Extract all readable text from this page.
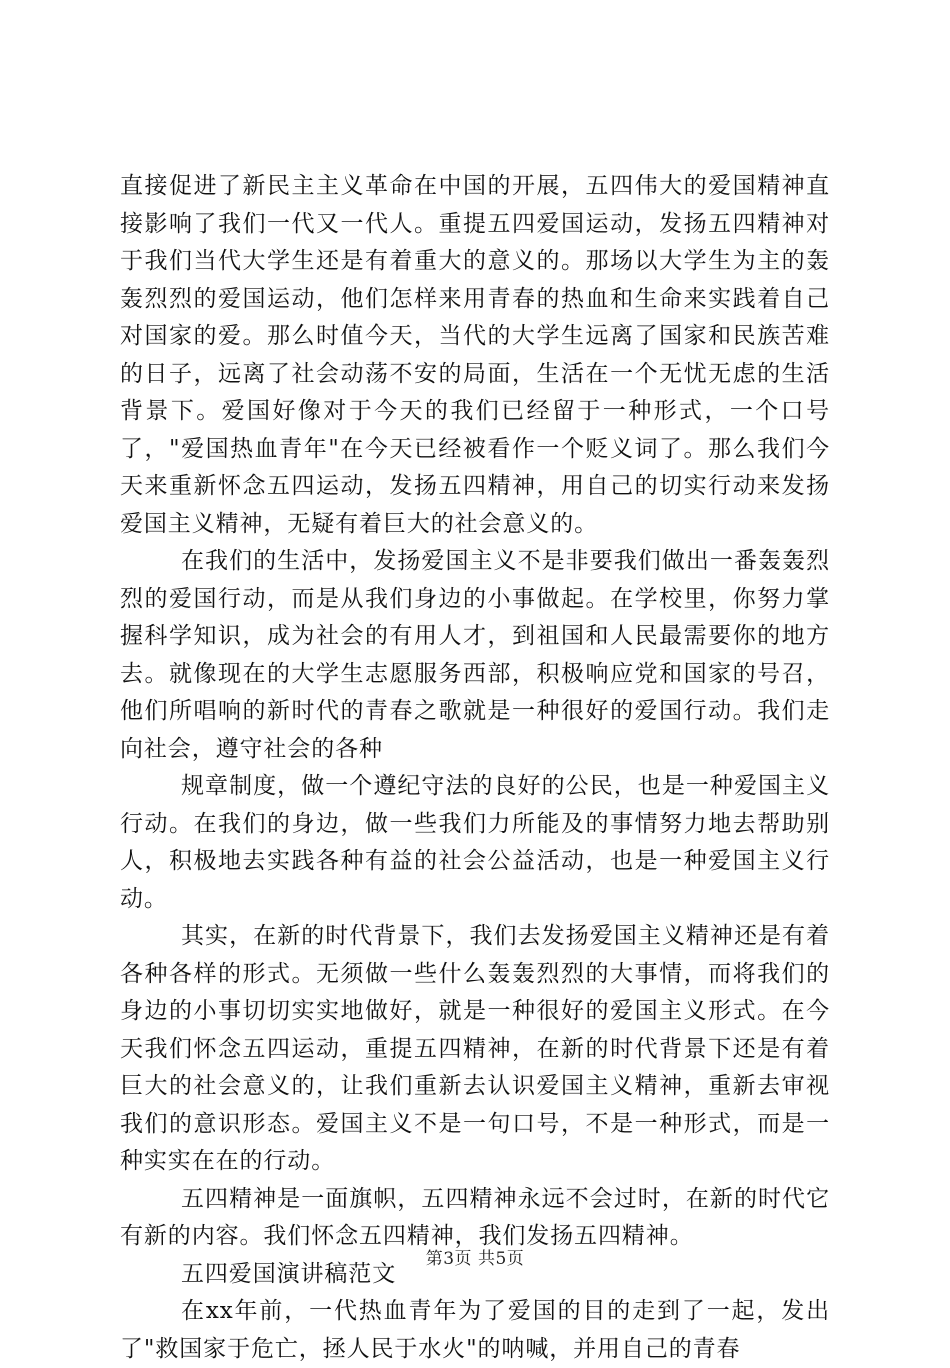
直接促进了新民主主义革命在中国的开展，五四伟大的爱国精神直接影响了我们一代又一代人。重提五四爱国运动，发扬五四精神对于我们当代大学生还是有着重大的意义的。那场以大学生为主的轰轰烈烈的爱国运动，他们怎样来用青春的热血和生命来实践着自己对国家的爱。那么时值今天，当代的大学生远离了国家和民族苦难的日子，远离了社会动荡不安的局面，生活在一个无忧无虑的生活背景下。爱国好像对于今天的我们已经留于一种形式，一个口号了，"爱国热血青年"在今天已经被看作一个贬义词了。那么我们今天来重新怀念五四运动，发扬五四精神，用自己的切实行动来发扬爱国主义精神，无疑有着巨大的社会意义的。

在我们的生活中，发扬爱国主义不是非要我们做出一番轰轰烈烈的爱国行动，而是从我们身边的小事做起。在学校里，你努力掌握科学知识，成为社会的有用人才，到祖国和人民最需要你的地方去。就像现在的大学生志愿服务西部，积极响应党和国家的号召，他们所唱响的新时代的青春之歌就是一种很好的爱国行动。我们走向社会，遵守社会的各种

规章制度，做一个遵纪守法的良好的公民，也是一种爱国主义行动。在我们的身边，做一些我们力所能及的事情努力地去帮助别人，积极地去实践各种有益的社会公益活动，也是一种爱国主义行动。

其实，在新的时代背景下，我们去发扬爱国主义精神还是有着各种各样的形式。无须做一些什么轰轰烈烈的大事情，而将我们的身边的小事切切实实地做好，就是一种很好的爱国主义形式。在今天我们怀念五四运动，重提五四精神，在新的时代背景下还是有着巨大的社会意义的，让我们重新去认识爱国主义精神，重新去审视我们的意识形态。爱国主义不是一句口号，不是一种形式，而是一种实实在在的行动。

五四精神是一面旗帜，五四精神永远不会过时，在新的时代它有新的内容。我们怀念五四精神，我们发扬五四精神。

五四爱国演讲稿范文

在xx年前，一代热血青年为了爱国的目的走到了一起，发出了"救国家于危亡，拯人民于水火"的呐喊，并用自己的青春

第3页 共5页
